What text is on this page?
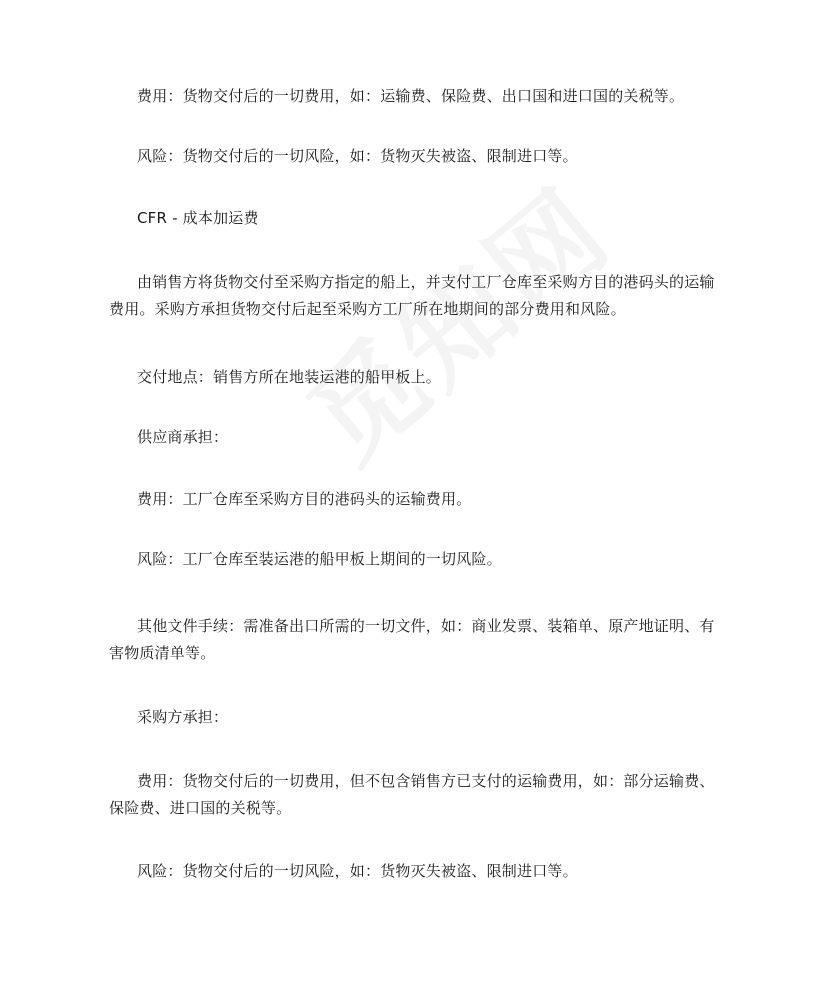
费用：货物交付后的一切费用，如：运输费、保险费、出口国和进口国的关税等。

风险：货物交付后的一切风险，如：货物灭失被盗、限制进口等。

CFR - 成本加运费

由销售方将货物交付至采购方指定的船上，并支付工厂仓库至采购方目的港码头的运输费用。采购方承担货物交付后起至采购方工厂所在地期间的部分费用和风险。

交付地点：销售方所在地装运港的船甲板上。

供应商承担：

费用：工厂仓库至采购方目的港码头的运输费用。

风险：工厂仓库至装运港的船甲板上期间的一切风险。

其他文件手续：需准备出口所需的一切文件，如：商业发票、装箱单、原产地证明、有害物质清单等。

采购方承担：

费用：货物交付后的一切费用，但不包含销售方已支付的运输费用，如：部分运输费、保险费、进口国的关税等。

风险：货物交付后的一切风险，如：货物灭失被盗、限制进口等。
